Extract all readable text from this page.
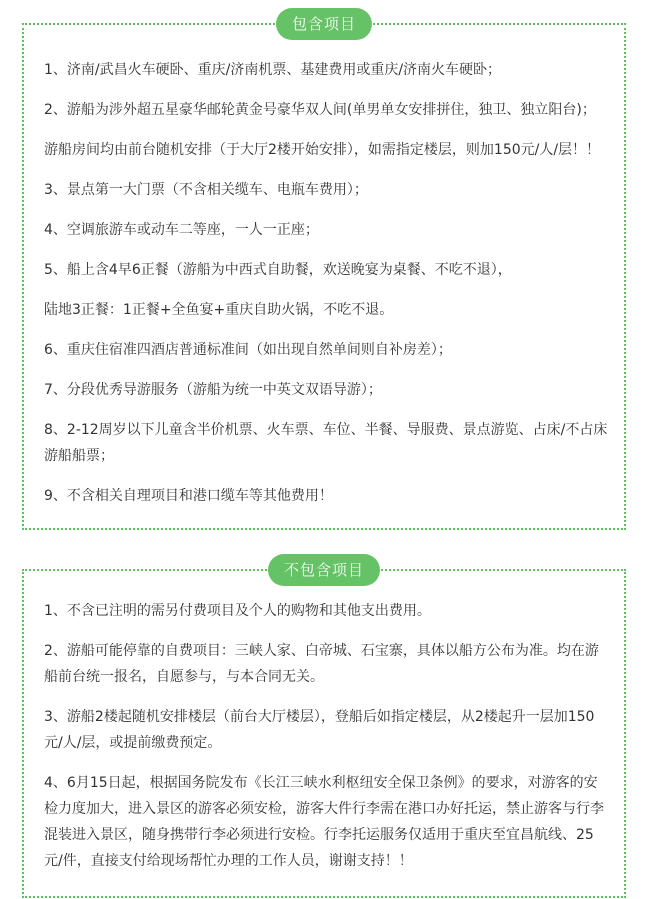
包含项目

1、济南/武昌火车硬卧、重庆/济南机票、基建费用或重庆/济南火车硬卧；

2、游船为涉外超五星豪华邮轮黄金号豪华双人间(单男单女安排拼住，独卫、独立阳台)；

游船房间均由前台随机安排（于大厅2楼开始安排），如需指定楼层，则加150元/人/层！！

3、景点第一大门票（不含相关缆车、电瓶车费用）；

4、空调旅游车或动车二等座，一人一正座；

5、船上含4早6正餐（游船为中西式自助餐，欢送晚宴为桌餐、不吃不退），

陆地3正餐：1正餐+全鱼宴+重庆自助火锅，不吃不退。

6、重庆住宿准四酒店普通标准间（如出现自然单间则自补房差）；

7、分段优秀导游服务（游船为统一中英文双语导游）；

8、2-12周岁以下儿童含半价机票、火车票、车位、半餐、导服费、景点游览、占床/不占床游船船票；

9、不含相关自理项目和港口缆车等其他费用！

不包含项目

1、不含已注明的需另付费项目及个人的购物和其他支出费用。

2、游船可能停靠的自费项目：三峡人家、白帝城、石宝寨，具体以船方公布为准。均在游船前台统一报名，自愿参与，与本合同无关。

3、游船2楼起随机安排楼层（前台大厅楼层），登船后如指定楼层，从2楼起升一层加150元/人/层，或提前缴费预定。

4、6月15日起，根据国务院发布《长江三峡水利枢纽安全保卫条例》的要求，对游客的安检力度加大，进入景区的游客必须安检，游客大件行李需在港口办好托运，禁止游客与行李混装进入景区，随身携带行李必须进行安检。行李托运服务仅适用于重庆至宜昌航线、25元/件，直接支付给现场帮忙办理的工作人员，谢谢支持！！
